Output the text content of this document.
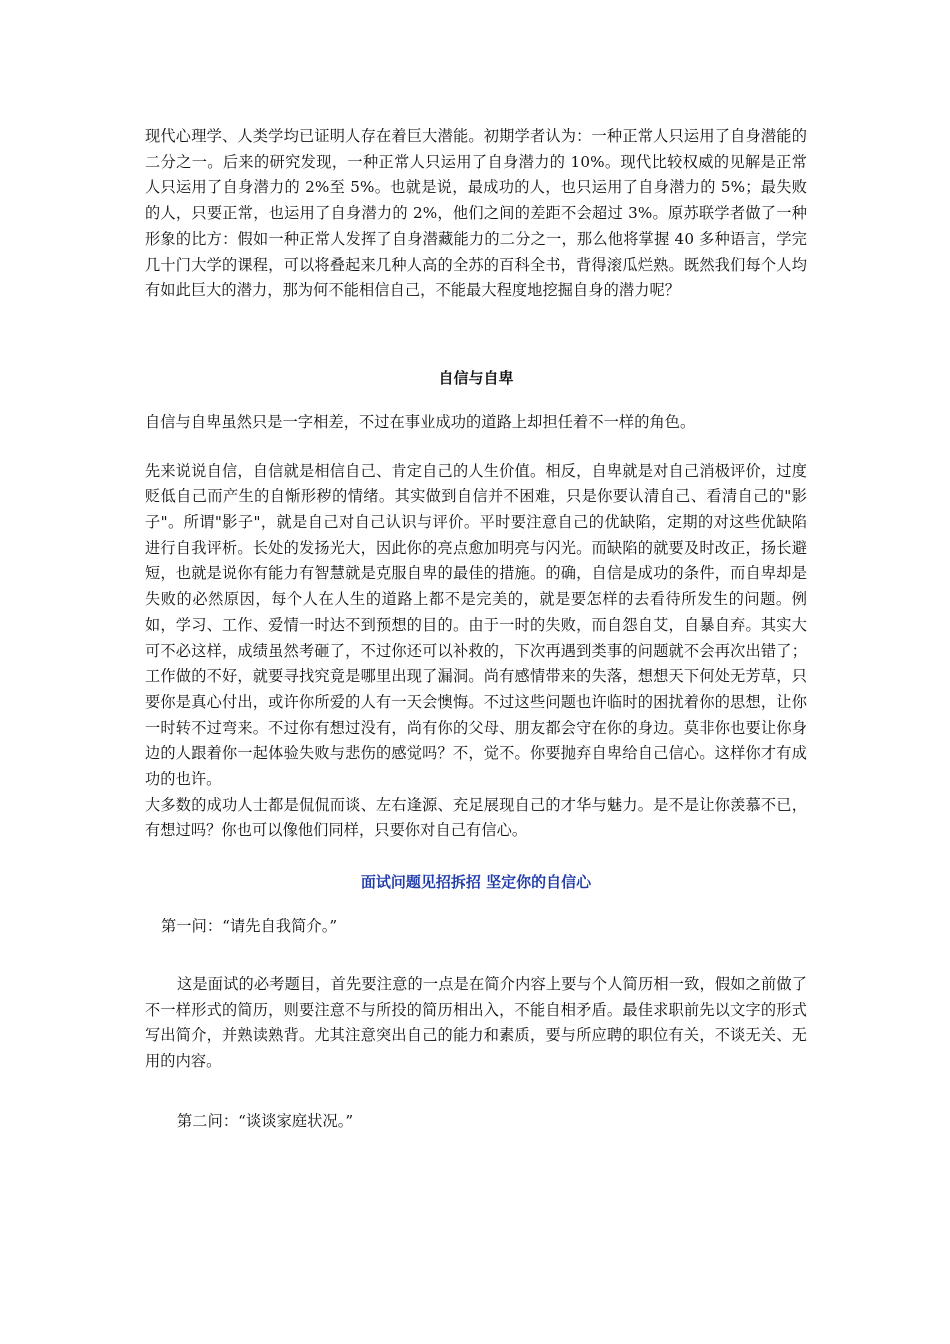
现代心理学、人类学均已证明人存在着巨大潜能。初期学者认为：一种正常人只运用了自身潜能的二分之一。后来的研究发现，一种正常人只运用了自身潜力的 10%。现代比较权威的见解是正常人只运用了自身潜力的 2%至 5%。也就是说，最成功的人，也只运用了自身潜力的 5%；最失败的人，只要正常，也运用了自身潜力的 2%，他们之间的差距不会超过 3%。原苏联学者做了一种形象的比方：假如一种正常人发挥了自身潜藏能力的二分之一，那么他将掌握 40 多种语言，学完几十门大学的课程，可以将叠起来几种人高的全苏的百科全书，背得滚瓜烂熟。既然我们每个人均有如此巨大的潜力，那为何不能相信自己，不能最大程度地挖掘自身的潜力呢？

自信与自卑

自信与自卑虽然只是一字相差，不过在事业成功的道路上却担任着不一样的角色。

先来说说自信，自信就是相信自己、肯定自己的人生价值。相反，自卑就是对自己消极评价，过度贬低自己而产生的自惭形秽的情绪。其实做到自信并不困难，只是你要认清自己、看清自己的"影子"。所谓"影子"，就是自己对自己认识与评价。平时要注意自己的优缺陷，定期的对这些优缺陷进行自我评析。长处的发扬光大，因此你的亮点愈加明亮与闪光。而缺陷的就要及时改正，扬长避短，也就是说你有能力有智慧就是克服自卑的最佳的措施。的确，自信是成功的条件，而自卑却是失败的必然原因，每个人在人生的道路上都不是完美的，就是要怎样的去看待所发生的问题。例如，学习、工作、爱情一时达不到预想的目的。由于一时的失败，而自怨自艾，自暴自弃。其实大可不必这样，成绩虽然考砸了，不过你还可以补救的，下次再遇到类事的问题就不会再次出错了；工作做的不好，就要寻找究竟是哪里出现了漏洞。尚有感情带来的失落，想想天下何处无芳草，只要你是真心付出，或许你所爱的人有一天会懊悔。不过这些问题也许临时的困扰着你的思想，让你一时转不过弯来。不过你有想过没有，尚有你的父母、朋友都会守在你的身边。莫非你也要让你身边的人跟着你一起体验失败与悲伤的感觉吗？不，觉不。你要抛弃自卑给自己信心。这样你才有成功的也许。

大多数的成功人士都是侃侃而谈、左右逢源、充足展现自己的才华与魅力。是不是让你羡慕不已，有想过吗？你也可以像他们同样，只要你对自己有信心。

面试问题见招拆招 坚定你的自信心

第一问：“请先自我简介。”

这是面试的必考题目，首先要注意的一点是在简介内容上要与个人简历相一致，假如之前做了不一样形式的简历，则要注意不与所投的简历相出入，不能自相矛盾。最佳求职前先以文字的形式写出简介，并熟读熟背。尤其注意突出自己的能力和素质，要与所应聘的职位有关，不谈无关、无用的内容。

第二问：“谈谈家庭状况。”
